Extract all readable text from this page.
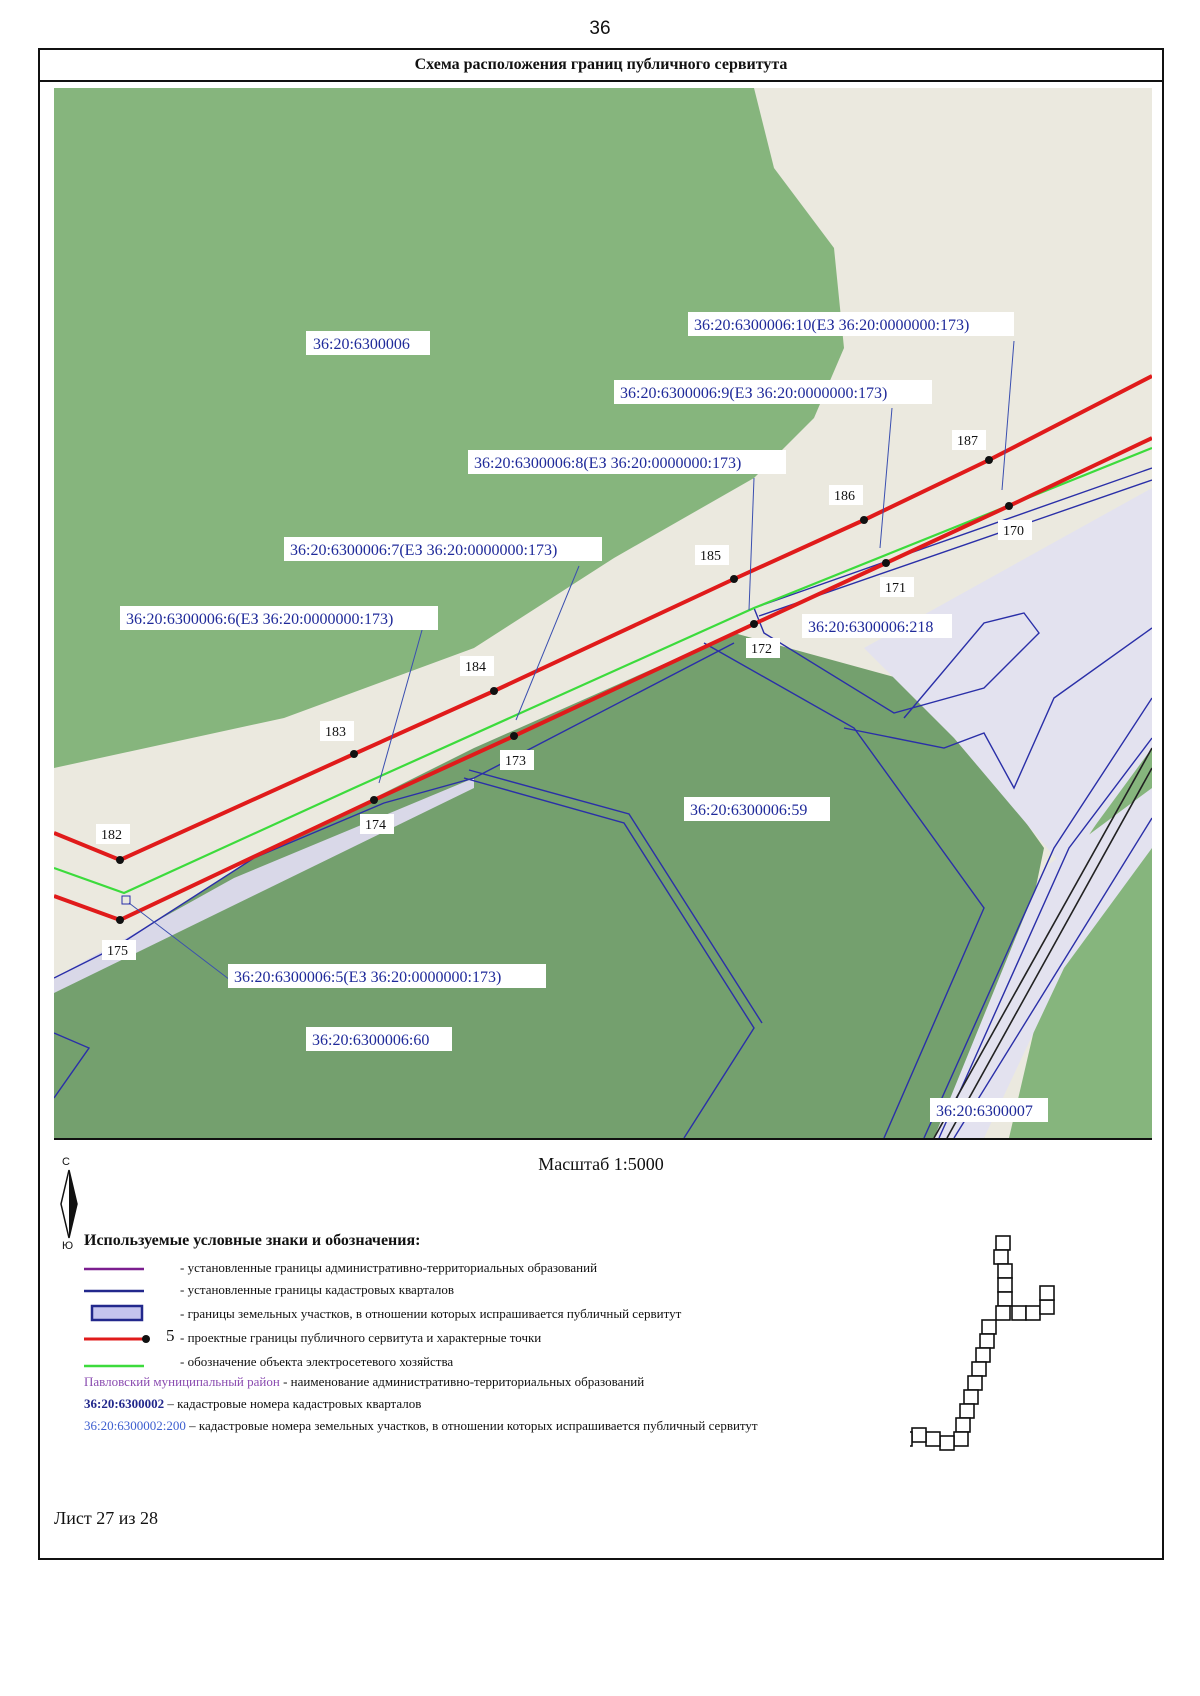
36
Схема расположения границ публичного сервитута
182
183
184
185
186
187
175
174
173
172
171
170
36:20:6300006
36:20:6300007
36:20:6300006:10(ЕЗ 36:20:0000000:173)
36:20:6300006:9(ЕЗ 36:20:0000000:173)
36:20:6300006:8(ЕЗ 36:20:0000000:173)
36:20:6300006:7(ЕЗ 36:20:0000000:173)
36:20:6300006:6(ЕЗ 36:20:0000000:173)
36:20:6300006:5(ЕЗ 36:20:0000000:173)
36:20:6300006:218
36:20:6300006:59
36:20:6300006:60
С
Ю
Масштаб 1:5000
Используемые условные знаки и обозначения:
- установленные границы административно-территориальных образований
- установленные границы кадастровых кварталов
- границы земельных участков, в отношении которых испрашивается публичный сервитут
5 - проектные границы публичного сервитута и характерные точки
- обозначение объекта электросетевого хозяйства
Павловский муниципальный район - наименование административно-территориальных образований
36:20:6300002 – кадастровые номера кадастровых кварталов
36:20:6300002:200 – кадастровые номера земельных участков, в отношении которых испрашивается публичный сервитут
Лист 27 из 28
